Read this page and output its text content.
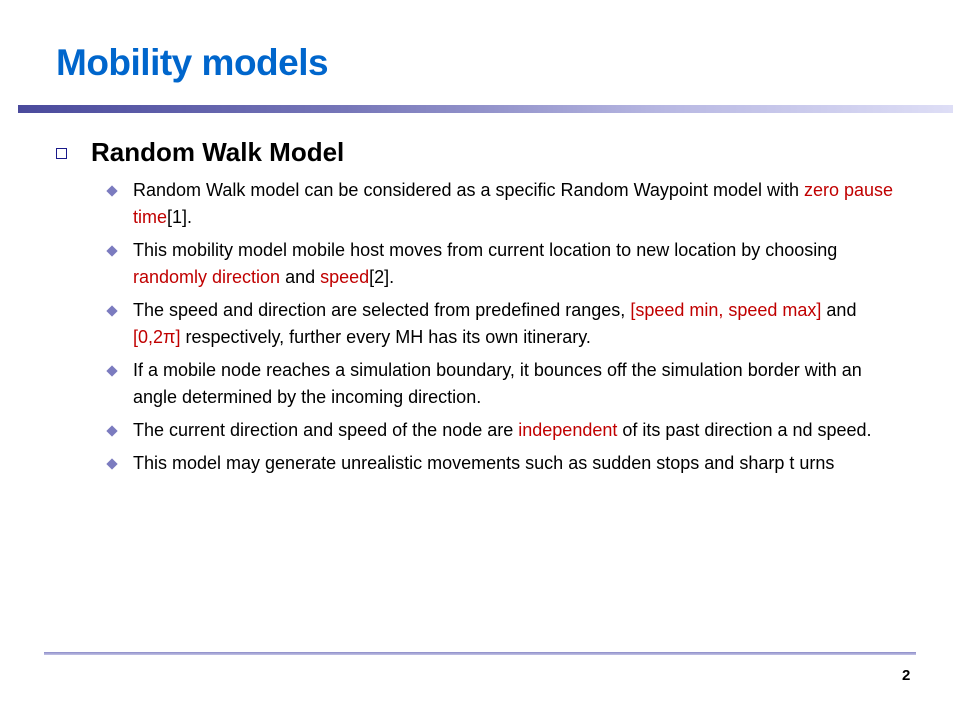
Mobility models
Random Walk Model
Random Walk model can be considered as a specific Random Waypoint model with zero pause time[1].
This mobility model mobile host moves from current location to new location by choosing randomly direction and speed[2].
The speed and direction are selected from predefined ranges, [speed min, speed max] and [0,2π] respectively, further every MH has its own itinerary.
If a mobile node reaches a simulation boundary, it bounces off the simulation border with an angle determined by the incoming direction.
The current direction and speed of the node are independent of its past direction a nd speed.
This model may generate unrealistic movements such as sudden stops and sharp t urns
2
